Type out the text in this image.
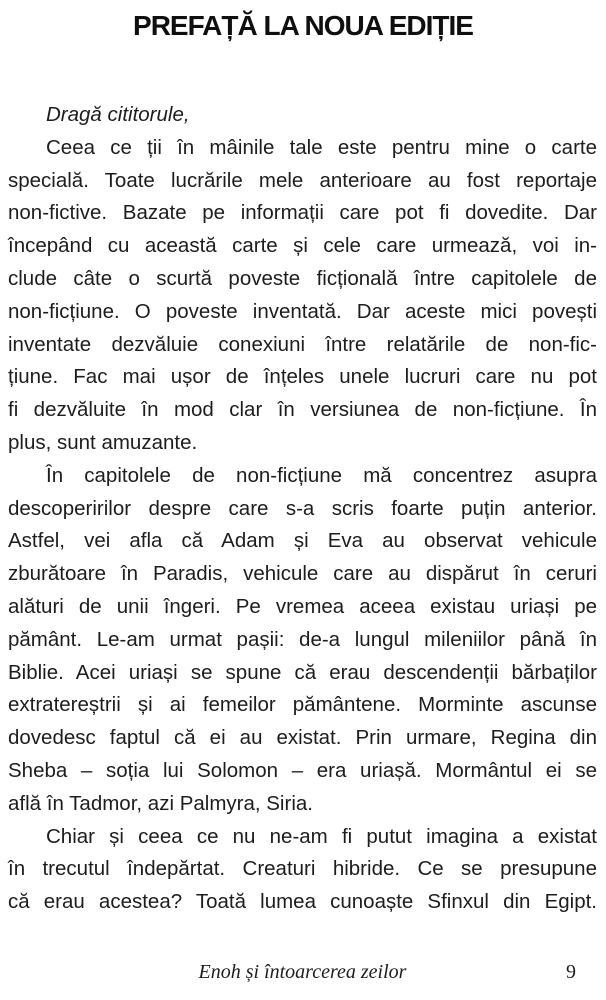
PREFAȚĂ LA NOUA EDIȚIE
Dragă cititorule,
Ceea ce ții în mâinile tale este pentru mine o carte
specială. Toate lucrările mele anterioare au fost reportaje
non-fictive. Bazate pe informații care pot fi dovedite. Dar
începând cu această carte și cele care urmează, voi in-
clude câte o scurtă poveste ficțională între capitolele de
non-ficțiune. O poveste inventată. Dar aceste mici povești
inventate dezvăluie conexiuni între relatările de non-fic-
țiune. Fac mai ușor de înțeles unele lucruri care nu pot
fi dezvăluite în mod clar în versiunea de non-ficțiune. În
plus, sunt amuzante.
În capitolele de non-ficțiune mă concentrez asupra
descoperirilor despre care s-a scris foarte puțin anterior.
Astfel, vei afla că Adam și Eva au observat vehicule
zburătoare în Paradis, vehicule care au dispărut în ceruri
alături de unii îngeri. Pe vremea aceea existau uriași pe
pământ. Le-am urmat pașii: de-a lungul mileniilor până în
Biblie. Acei uriași se spune că erau descendenții bărbaților
extratereștrii și ai femeilor pământene. Morminte ascunse
dovedesc faptul că ei au existat. Prin urmare, Regina din
Sheba – soția lui Solomon – era uriașă. Mormântul ei se
află în Tadmor, azi Palmyra, Siria.
Chiar și ceea ce nu ne-am fi putut imagina a existat
în trecutul îndepărtat. Creaturi hibride. Ce se presupune
că erau acestea? Toată lumea cunoaște Sfinxul din Egipt.
Enoh și întoarcerea zeilor	9
